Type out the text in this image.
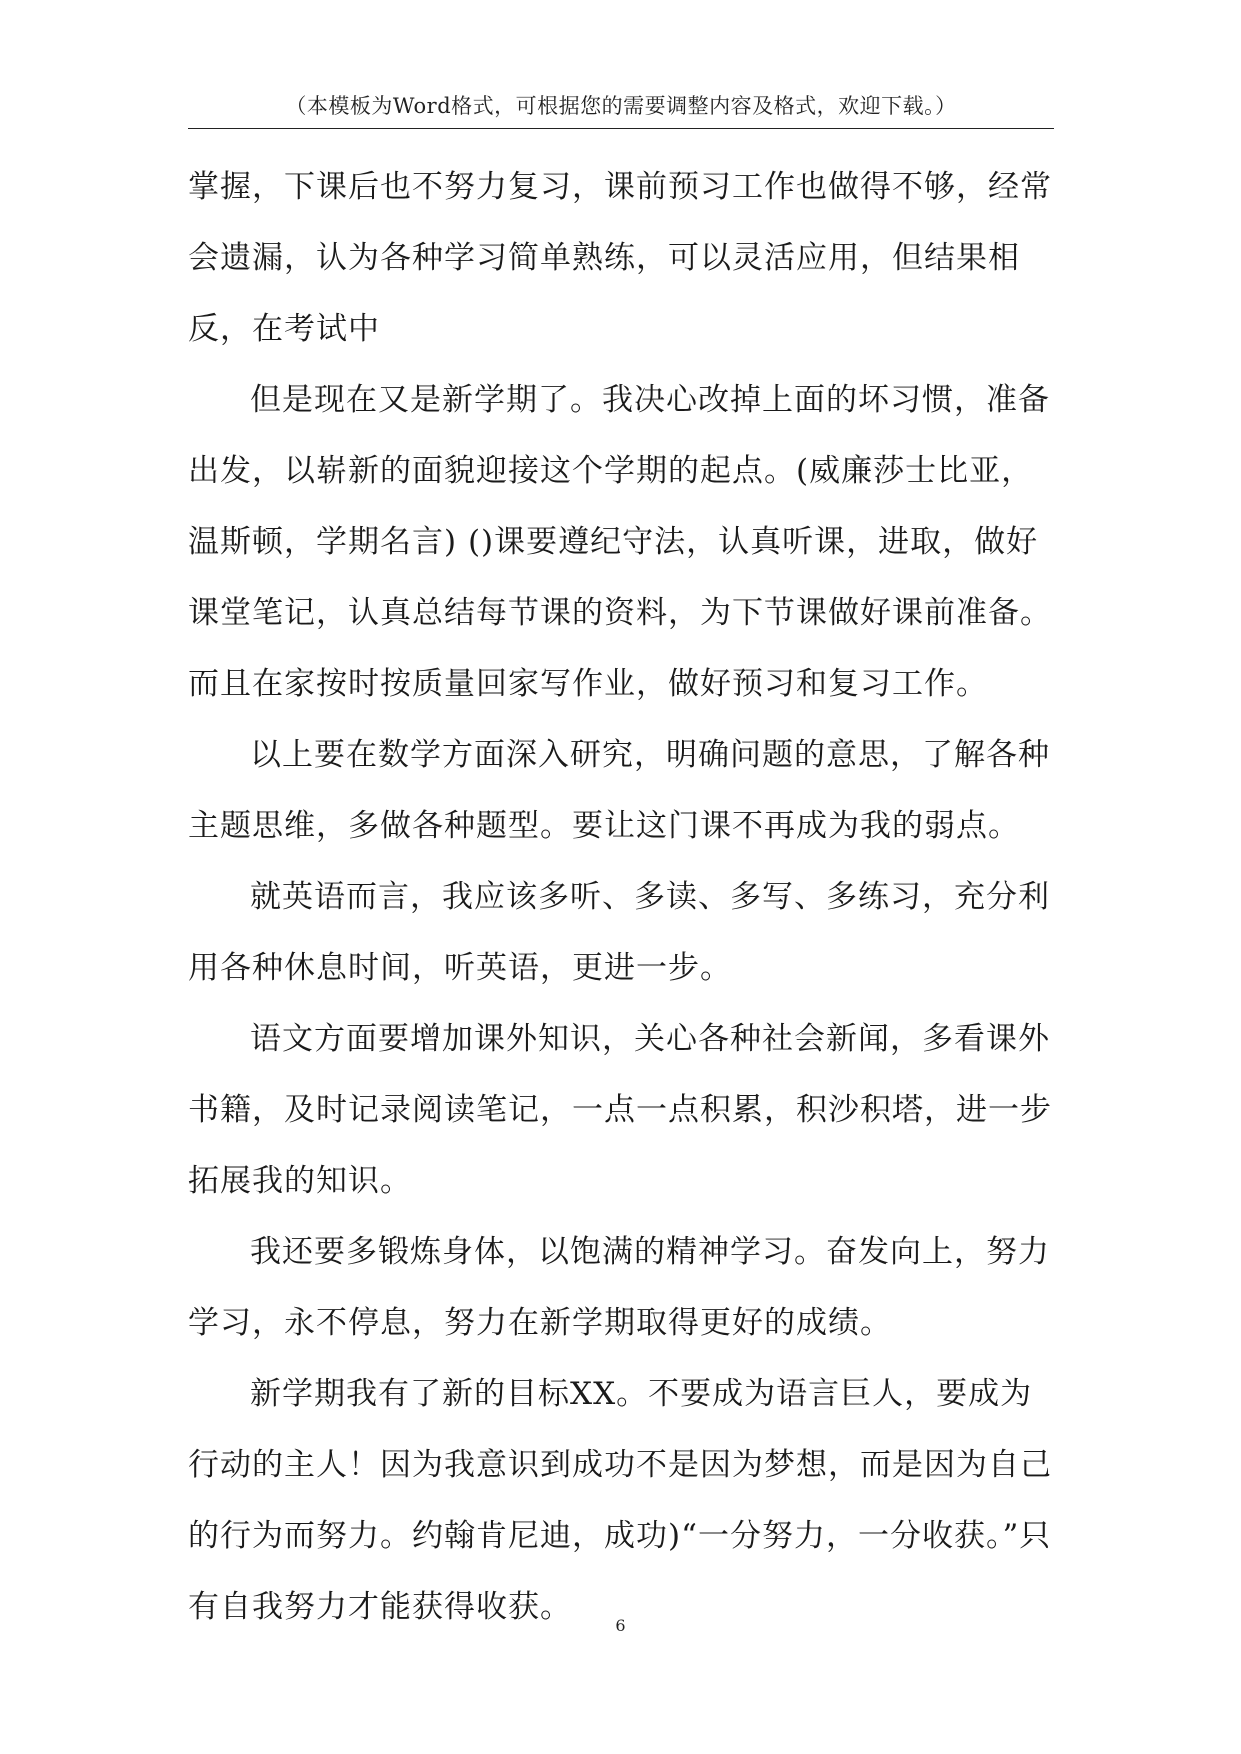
（本模板为Word格式，可根据您的需要调整内容及格式，欢迎下载。）

掌握，下课后也不努力复习，课前预习工作也做得不够，经常会遗漏，认为各种学习简单熟练，可以灵活应用，但结果相反，在考试中

但是现在又是新学期了。我决心改掉上面的坏习惯，准备出发，以崭新的面貌迎接这个学期的起点。(威廉莎士比亚，温斯顿，学期名言) ()课要遵纪守法，认真听课，进取，做好课堂笔记，认真总结每节课的资料，为下节课做好课前准备。而且在家按时按质量回家写作业，做好预习和复习工作。

以上要在数学方面深入研究，明确问题的意思，了解各种主题思维，多做各种题型。要让这门课不再成为我的弱点。

就英语而言，我应该多听、多读、多写、多练习，充分利用各种休息时间，听英语，更进一步。

语文方面要增加课外知识，关心各种社会新闻，多看课外书籍，及时记录阅读笔记，一点一点积累，积沙积塔，进一步拓展我的知识。

我还要多锻炼身体，以饱满的精神学习。奋发向上，努力学习，永不停息，努力在新学期取得更好的成绩。

新学期我有了新的目标XX。不要成为语言巨人，要成为行动的主人！因为我意识到成功不是因为梦想，而是因为自己的行为而努力。约翰肯尼迪，成功)“一分努力，一分收获。”只有自我努力才能获得收获。

6
